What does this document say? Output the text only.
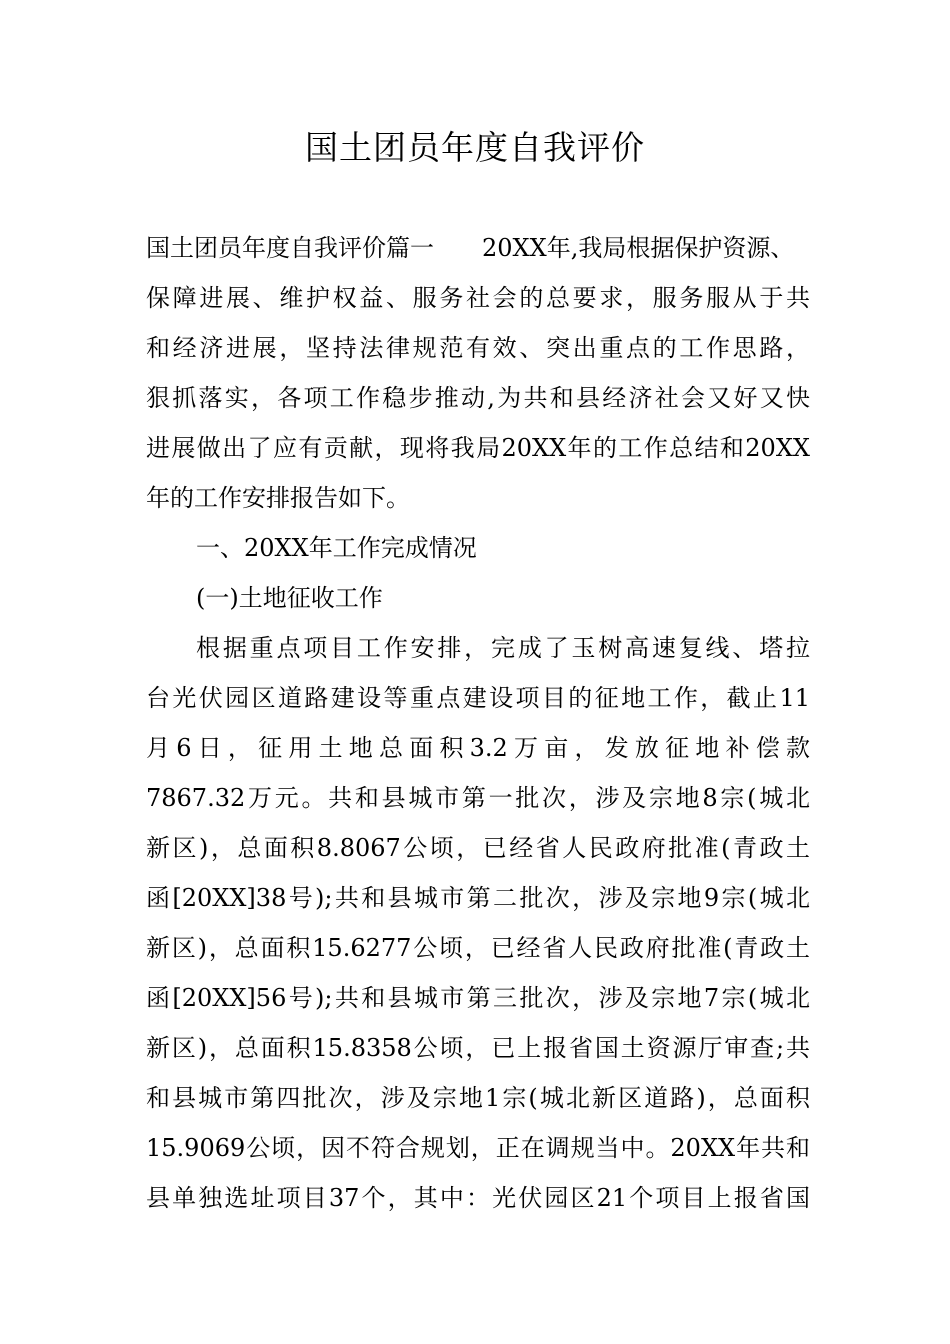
国土团员年度自我评价
国土团员年度自我评价篇一　　20XX年,我局根据保护资源、
保障进展、维护权益、服务社会的总要求，服务服从于共
和经济进展，坚持法律规范有效、突出重点的工作思路，
狠抓落实，各项工作稳步推动,为共和县经济社会又好又快
进展做出了应有贡献，现将我局20XX年的工作总结和20XX
年的工作安排报告如下。
一、20XX年工作完成情况
(一)土地征收工作
根据重点项目工作安排，完成了玉树高速复线、塔拉
台光伏园区道路建设等重点建设项目的征地工作，截止11
月6日，征用土地总面积3.2万亩，发放征地补偿款
7867.32万元。共和县城市第一批次，涉及宗地8宗(城北
新区)，总面积8.8067公顷，已经省人民政府批准(青政土
函[20XX]38号);共和县城市第二批次，涉及宗地9宗(城北
新区)，总面积15.6277公顷，已经省人民政府批准(青政土
函[20XX]56号);共和县城市第三批次，涉及宗地7宗(城北
新区)，总面积15.8358公顷，已上报省国土资源厅审查;共
和县城市第四批次，涉及宗地1宗(城北新区道路)，总面积
15.9069公顷，因不符合规划，正在调规当中。20XX年共和
县单独选址项目37个，其中：光伏园区21个项目上报省国
